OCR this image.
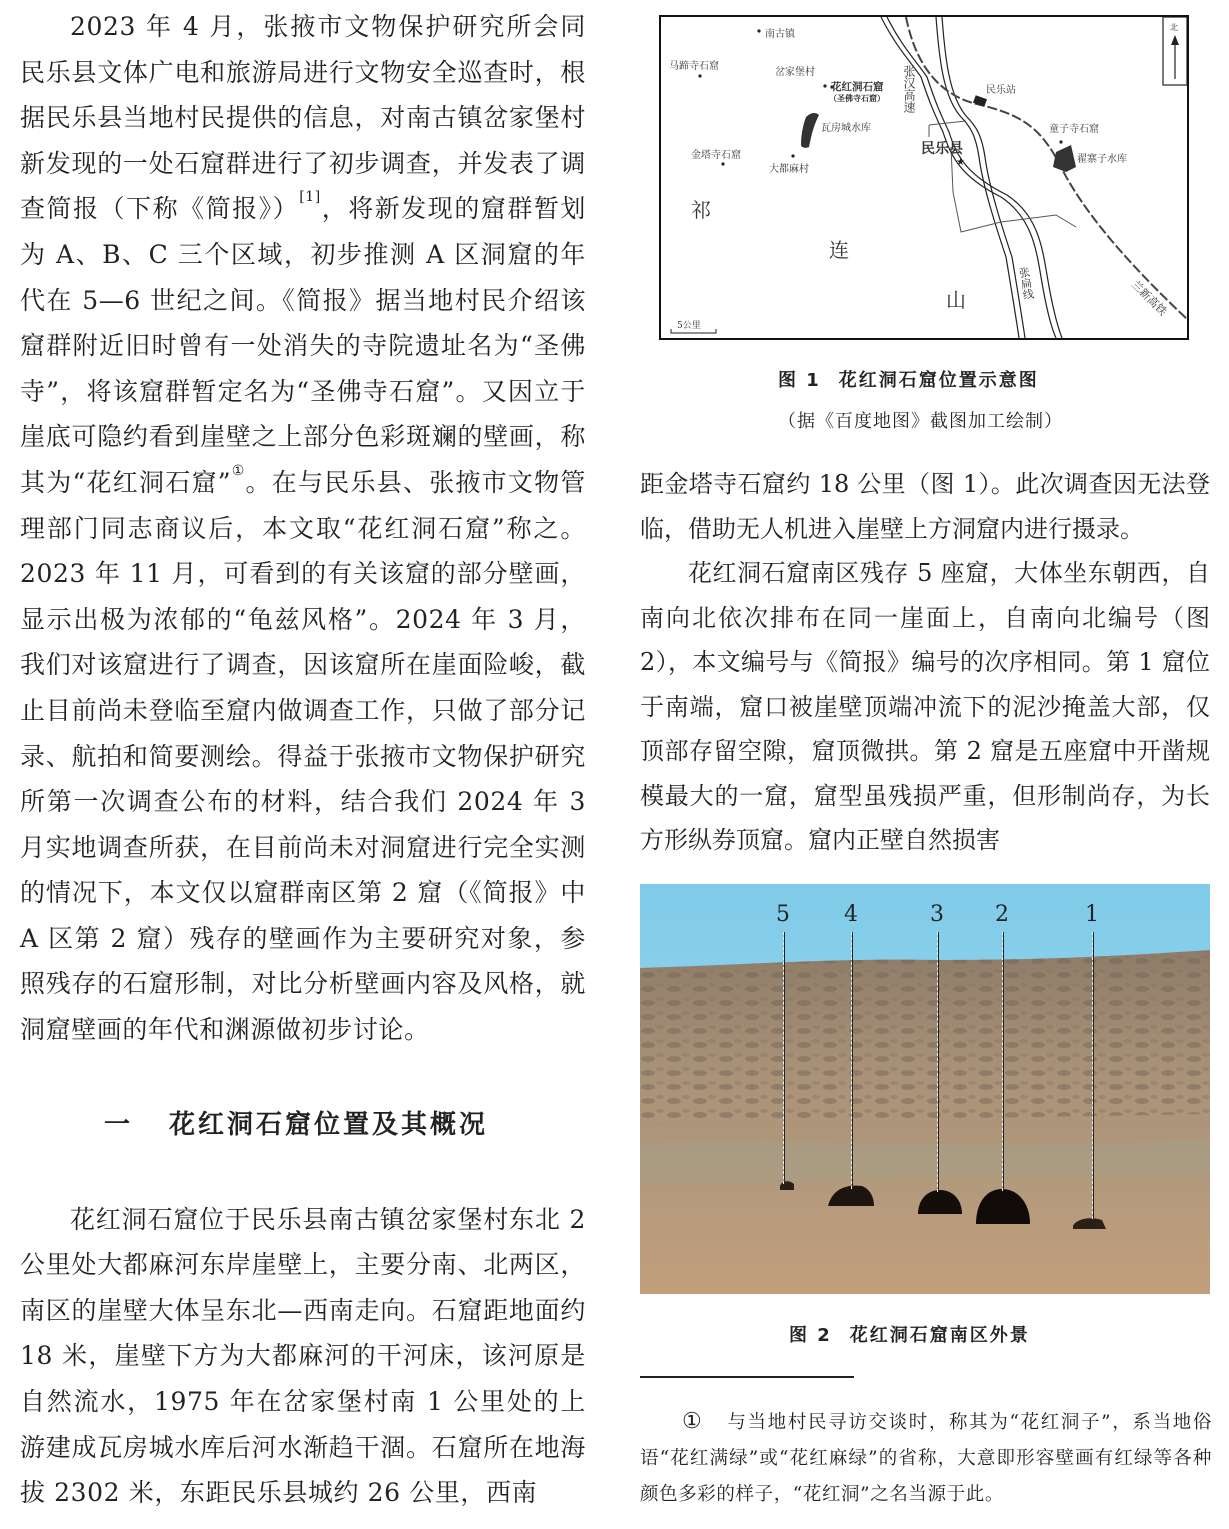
2023 年 4 月，张掖市文物保护研究所会同民乐县文体广电和旅游局进行文物安全巡查时，根据民乐县当地村民提供的信息，对南古镇岔家堡村新发现的一处石窟群进行了初步调查，并发表了调查简报（下称《简报》）[1]，将新发现的窟群暂划为 A、B、C 三个区域，初步推测 A 区洞窟的年代在 5—6 世纪之间。《简报》据当地村民介绍该窟群附近旧时曾有一处消失的寺院遗址名为“圣佛寺”，将该窟群暂定名为“圣佛寺石窟”。又因立于崖底可隐约看到崖壁之上部分色彩斑斓的壁画，称其为“花红洞石窟”①。在与民乐县、张掖市文物管理部门同志商议后，本文取“花红洞石窟”称之。2023 年 11 月，可看到的有关该窟的部分壁画，显示出极为浓郁的“龟兹风格”。2024 年 3 月，我们对该窟进行了调查，因该窟所在崖面险峻，截止目前尚未登临至窟内做调查工作，只做了部分记录、航拍和简要测绘。得益于张掖市文物保护研究所第一次调查公布的材料，结合我们 2024 年 3 月实地调查所获，在目前尚未对洞窟进行完全实测的情况下，本文仅以窟群南区第 2 窟（《简报》中 A 区第 2 窟）残存的壁画作为主要研究对象，参照残存的石窟形制，对比分析壁画内容及风格，就洞窟壁画的年代和渊源做初步讨论。

一 花红洞石窟位置及其概况

花红洞石窟位于民乐县南古镇岔家堡村东北 2 公里处大都麻河东岸崖壁上，主要分南、北两区，南区的崖壁大体呈东北—西南走向。石窟距地面约 18 米，崖壁下方为大都麻河的干河床，该河原是自然流水，1975 年在岔家堡村南 1 公里处的上游建成瓦房城水库后河水渐趋干涸。石窟所在地海拔 2302 米，东距民乐县城约 26 公里，西南

★
北
5公里
南古镇
马蹄寺石窟
岔家堡村
花红洞石窟
（圣佛寺石窟）
瓦房城水库
金塔寺石窟
大都麻村
民乐站
民乐县
童子寺石窟
翟寨子水库
张汉高速
祁
连
山	张扁线	兰新高铁
图 1 花红洞石窟位置示意图
（据《百度地图》截图加工绘制）

距金塔寺石窟约 18 公里（图 1）。此次调查因无法登临，借助无人机进入崖壁上方洞窟内进行摄录。

花红洞石窟南区残存 5 座窟，大体坐东朝西，自南向北依次排布在同一崖面上，自南向北编号（图 2），本文编号与《简报》编号的次序相同。第 1 窟位于南端，窟口被崖壁顶端冲流下的泥沙掩盖大部，仅顶部存留空隙，窟顶微拱。第 2 窟是五座窟中开凿规模最大的一窟，窟型虽残损严重，但形制尚存，为长方形纵券顶窟。窟内正壁自然损害

5 4	3 2	1
图 2 花红洞石窟南区外景
① 与当地村民寻访交谈时，称其为“花红洞子”，系当地俗语“花红满绿”或“花红麻绿”的省称，大意即形容壁画有红绿等各种颜色多彩的样子，“花红洞”之名当源于此。
